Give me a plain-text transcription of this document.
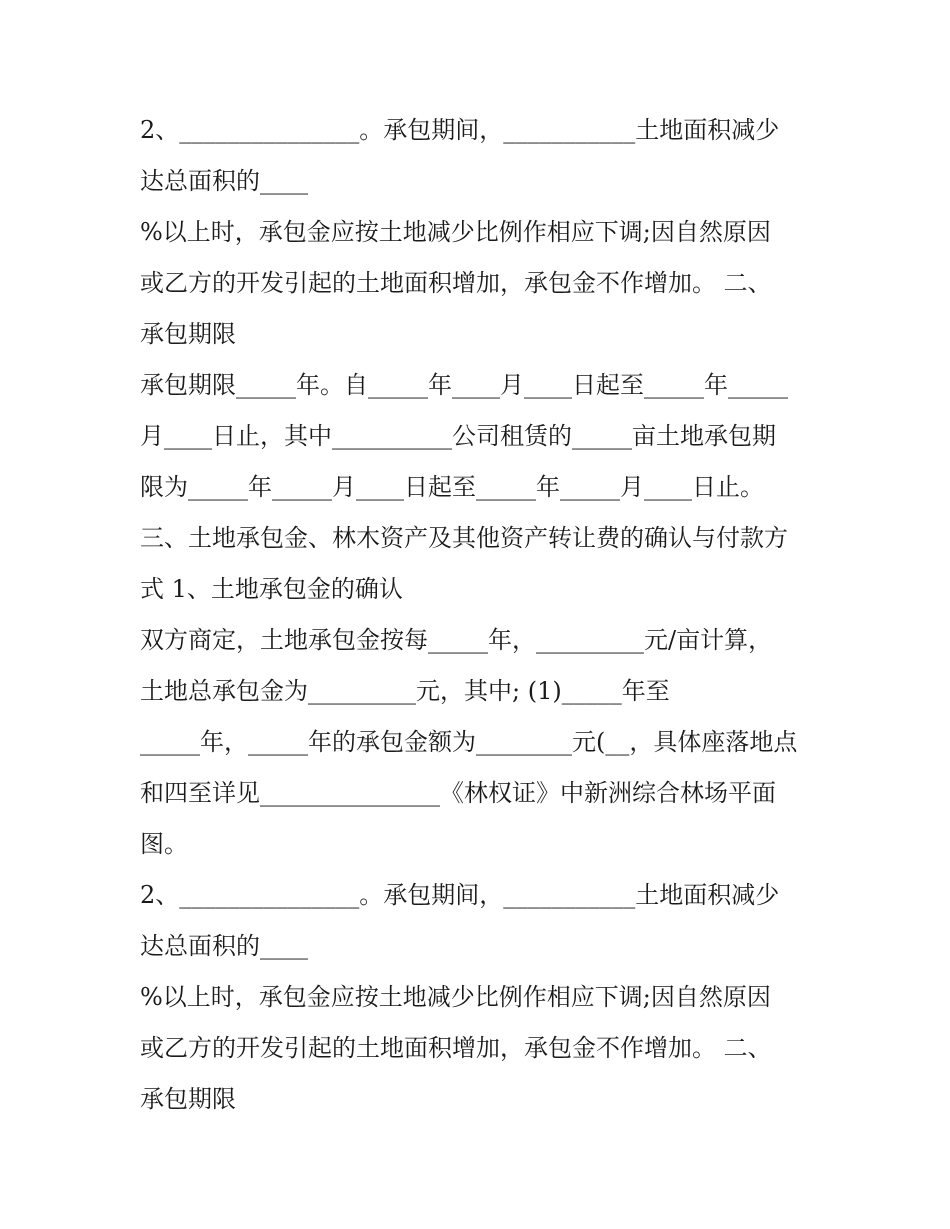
2、_______________。承包期间，___________土地面积减少
达总面积的____
%以上时，承包金应按土地减少比例作相应下调;因自然原因
或乙方的开发引起的土地面积增加，承包金不作增加。 二、
承包期限
承包期限_____年。自_____年____月____日起至_____年_____
月____日止，其中__________公司租赁的_____亩土地承包期
限为_____年_____月____日起至_____年_____月____日止。
三、土地承包金、林木资产及其他资产转让费的确认与付款方
式 1、土地承包金的确认
双方商定，土地承包金按每_____年，_________元/亩计算，
土地总承包金为_________元，其中; (1)_____年至
_____年，_____年的承包金额为________元(__，具体座落地点
和四至详见_______________《林权证》中新洲综合林场平面
图。
2、_______________。承包期间，___________土地面积减少
达总面积的____
%以上时，承包金应按土地减少比例作相应下调;因自然原因
或乙方的开发引起的土地面积增加，承包金不作增加。 二、
承包期限
